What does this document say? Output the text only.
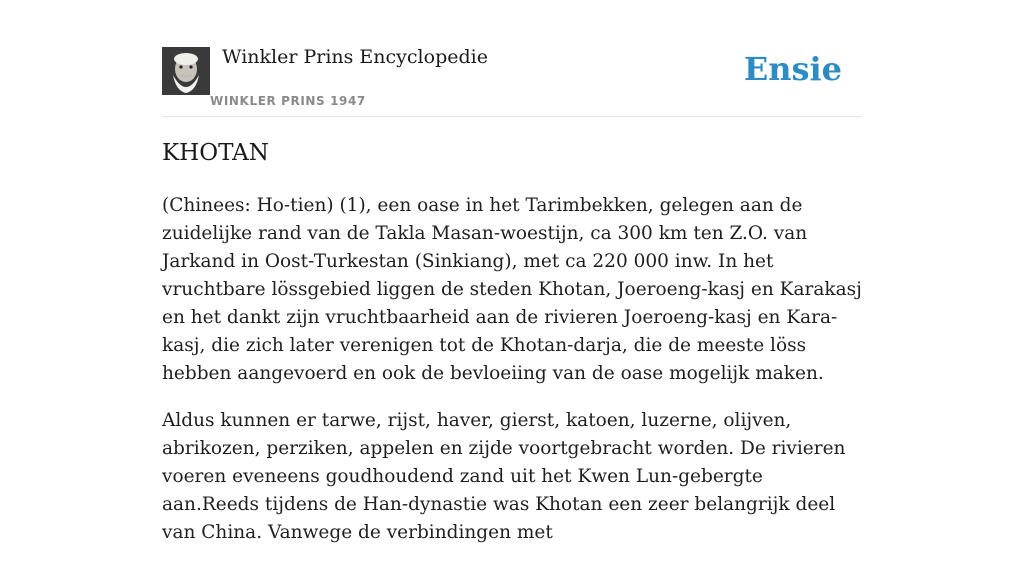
Winkler Prins Encyclopedie
WINKLER PRINS 1947
Ensie
KHOTAN

(Chinees: Ho-tien) (1), een oase in het Tarimbekken, gelegen aan de zuidelijke rand van de Takla Masan-woestijn, ca 300 km ten Z.O. van Jarkand in Oost-Turkestan (Sinkiang), met ca 220 000 inw. In het vruchtbare lössgebied liggen de steden Khotan, Joeroeng-kasj en Karakasj en het dankt zijn vruchtbaarheid aan de rivieren Joeroeng-kasj en Kara-kasj, die zich later verenigen tot de Khotan-darja, die de meeste löss hebben aangevoerd en ook de bevloeiing van de oase mogelijk maken.

Aldus kunnen er tarwe, rijst, haver, gierst, katoen, luzerne, olijven, abrikozen, perziken, appelen en zijde voortgebracht worden. De rivieren voeren eveneens goudhoudend zand uit het Kwen Lun-gebergte aan.Reeds tijdens de Han-dynastie was Khotan een zeer belangrijk deel van China. Vanwege de verbindingen met
